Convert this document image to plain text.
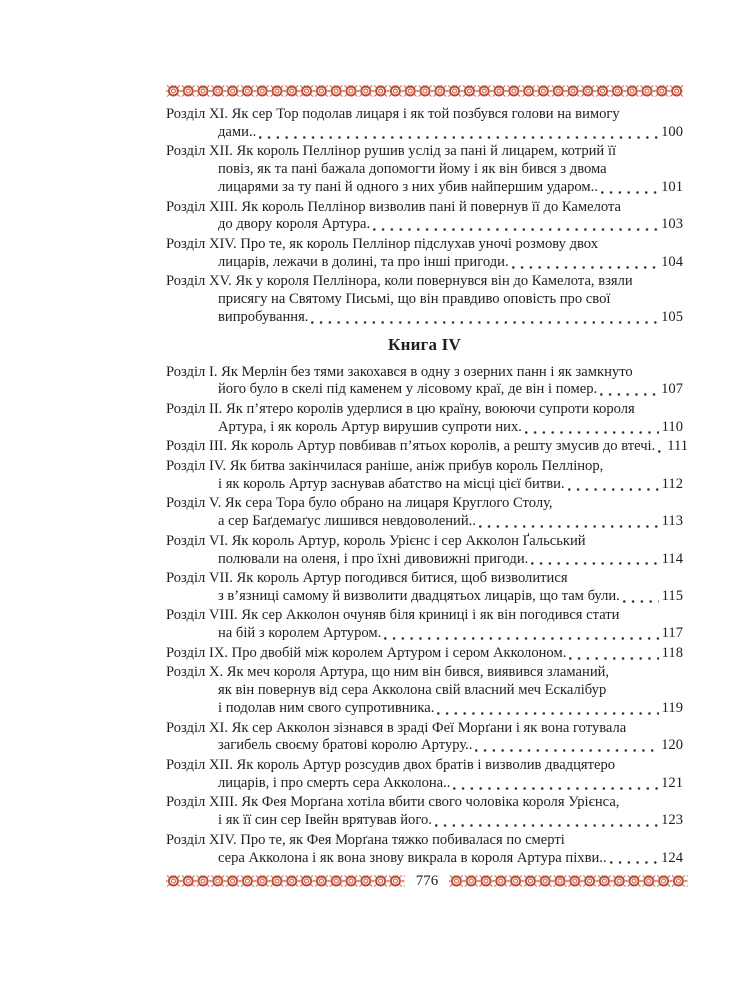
Розділ XI. Як сер Тор подолав лицаря і як той позбувся голови на вимогу
дами..	100
Розділ XII. Як король Пеллінор рушив услід за пані й лицарем, котрий її
повіз, як та пані бажала допомогти йому і як він бився з двома
лицарями за ту пані й одного з них убив найпершим ударом..	101
Розділ XIII. Як король Пеллінор визволив пані й повернув її до Камелота
до двору короля Артура.	103
Розділ XIV. Про те, як король Пеллінор підслухав уночі розмову двох
лицарів, лежачи в долині, та про інші пригоди.	104
Розділ XV. Як у короля Пеллінора, коли повернувся він до Камелота, взяли
присягу на Святому Письмі, що він правдиво оповість про свої
випробування.	105
Книга IV
Розділ I. Як Мерлін без тями закохався в одну з озерних панн і як замкнуто
його було в скелі під каменем у лісовому краї, де він і помер.	107
Розділ II. Як п’ятеро королів удерлися в цю країну, воюючи супроти короля
Артура, і як король Артур вирушив супроти них.	110
Розділ III. Як король Артур повбивав п’ятьох королів, а решту змусив до втечі. 111
Розділ IV. Як битва закінчилася раніше, аніж прибув король Пеллінор,
і як король Артур заснував абатство на місці цієї битви.	112
Розділ V. Як сера Тора було обрано на лицаря Круглого Столу,
а сер Баґдемаґус лишився невдоволений..	113
Розділ VI. Як король Артур, король Урієнс і сер Акколон Ґальський
полювали на оленя, і про їхні дивовижні пригоди.	114
Розділ VII. Як король Артур погодився битися, щоб визволитися
з в’язниці самому й визволити двадцятьох лицарів, що там були.	115
Розділ VIII. Як сер Акколон очуняв біля криниці і як він погодився стати
на бій з королем Артуром.	117
Розділ IX. Про двобій між королем Артуром і сером Акколоном.	118
Розділ X. Як меч короля Артура, що ним він бився, виявився зламаний,
як він повернув від сера Акколона свій власний меч Ескалібур
і подолав ним свого супротивника.	119
Розділ XI. Як сер Акколон зізнався в зраді Феї Морґани і як вона готувала
загибель своєму братові королю Артуру..	120
Розділ XII. Як король Артур розсудив двох братів і визволив двадцятеро
лицарів, і про смерть сера Акколона..	121
Розділ XIII. Як Фея Морґана хотіла вбити свого чоловіка короля Урієнса,
і як її син сер Івейн врятував його.	123
Розділ XIV. Про те, як Фея Морґана тяжко побивалася по смерті
сера Акколона і як вона знову викрала в короля Артура піхви..	124
776
